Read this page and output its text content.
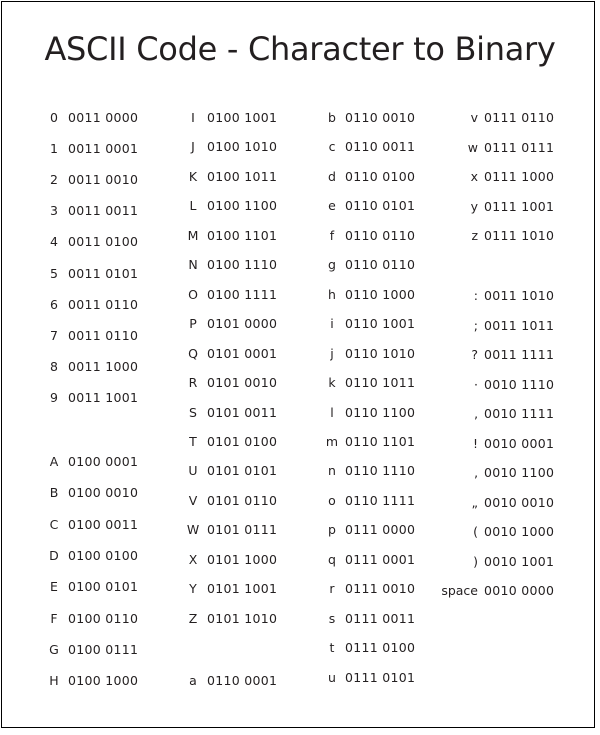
ASCII Code - Character to Binary
0 0011 0000
1 0011 0001
2 0011 0010
3 0011 0011
4 0011 0100
5 0011 0101
6 0011 0110
7 0011 0110
8 0011 1000
9 0011 1001
A 0100 0001
B 0100 0010
C 0100 0011
D 0100 0100
E 0100 0101
F 0100 0110
G 0100 0111
H 0100 1000
I 0100 1001
J 0100 1010
K 0100 1011
L 0100 1100
M 0100 1101
N 0100 1110
O 0100 1111
P 0101 0000
Q 0101 0001
R 0101 0010
S 0101 0011
T 0101 0100
U 0101 0101
V 0101 0110
W 0101 0111
X 0101 1000
Y 0101 1001
Z 0101 1010
a 0110 0001
b 0110 0010
c 0110 0011
d 0110 0100
e 0110 0101
f 0110 0110
g 0110 0110
h 0110 1000
i 0110 1001
j 0110 1010
k 0110 1011
l 0110 1100
m 0110 1101
n 0110 1110
o 0110 1111
p 0111 0000
q 0111 0001
r 0111 0010
s 0111 0011
t 0111 0100
u 0111 0101
v 0111 0110
w 0111 0111
x 0111 1000
y 0111 1001
z 0111 1010
: 0011 1010
; 0011 1011
? 0011 1111
· 0010 1110
‚ 0010 1111
! 0010 0001
‚ 0010 1100
„ 0010 0010
( 0010 1000
) 0010 1001
space 0010 0000
